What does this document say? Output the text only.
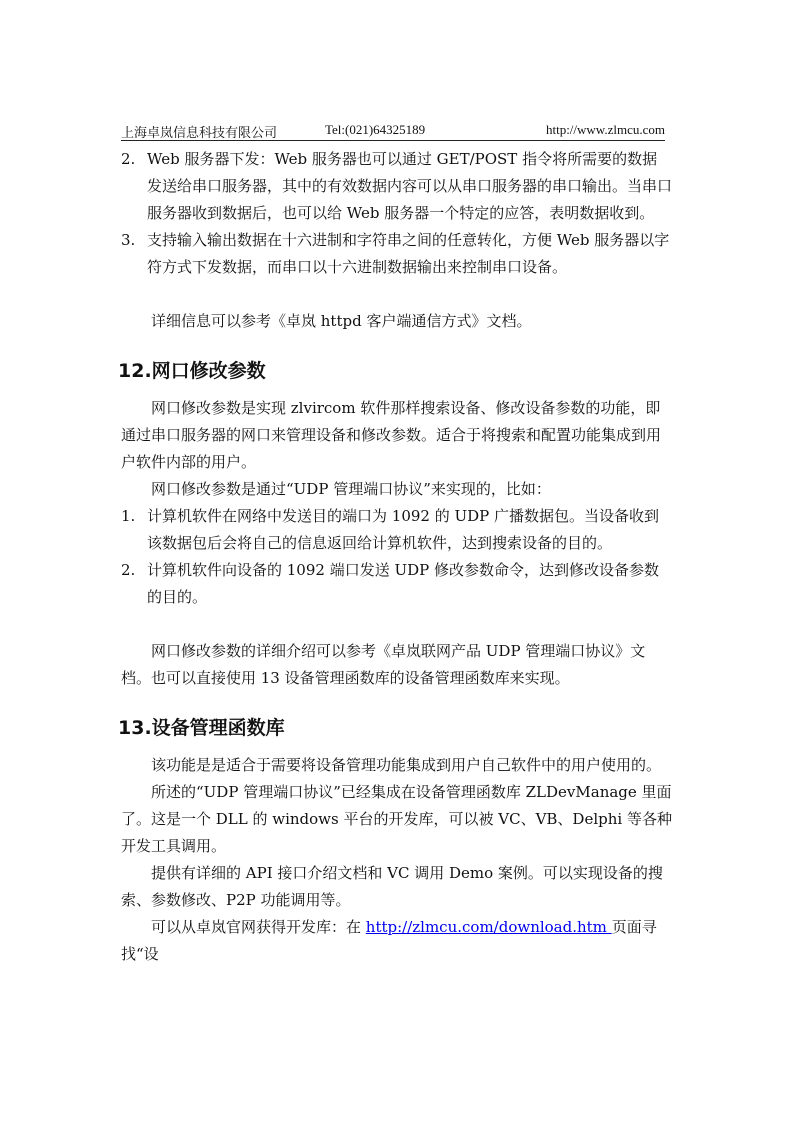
上海卓岚信息科技有限公司	Tel:(021)64325189	http://www.zlmcu.com
2. Web 服务器下发：Web 服务器也可以通过 GET/POST 指令将所需要的数据发送给串口服务器，其中的有效数据内容可以从串口服务器的串口输出。当串口服务器收到数据后，也可以给 Web 服务器一个特定的应答，表明数据收到。
3. 支持输入输出数据在十六进制和字符串之间的任意转化，方便 Web 服务器以字符方式下发数据，而串口以十六进制数据输出来控制串口设备。
详细信息可以参考《卓岚 httpd 客户端通信方式》文档。
12.网口修改参数
网口修改参数是实现 zlvircom 软件那样搜索设备、修改设备参数的功能，即通过串口服务器的网口来管理设备和修改参数。适合于将搜索和配置功能集成到用户软件内部的用户。
网口修改参数是通过“UDP 管理端口协议”来实现的，比如：
1. 计算机软件在网络中发送目的端口为 1092 的 UDP 广播数据包。当设备收到该数据包后会将自己的信息返回给计算机软件，达到搜索设备的目的。
2. 计算机软件向设备的 1092 端口发送 UDP 修改参数命令，达到修改设备参数的目的。
网口修改参数的详细介绍可以参考《卓岚联网产品 UDP 管理端口协议》文档。也可以直接使用 13 设备管理函数库的设备管理函数库来实现。
13.设备管理函数库
该功能是是适合于需要将设备管理功能集成到用户自己软件中的用户使用的。
所述的“UDP 管理端口协议”已经集成在设备管理函数库 ZLDevManage 里面了。这是一个 DLL 的 windows 平台的开发库，可以被 VC、VB、Delphi 等各种开发工具调用。
提供有详细的 API 接口介绍文档和 VC 调用 Demo 案例。可以实现设备的搜索、参数修改、P2P 功能调用等。
可以从卓岚官网获得开发库：在 http://zlmcu.com/download.htm 页面寻找“设
